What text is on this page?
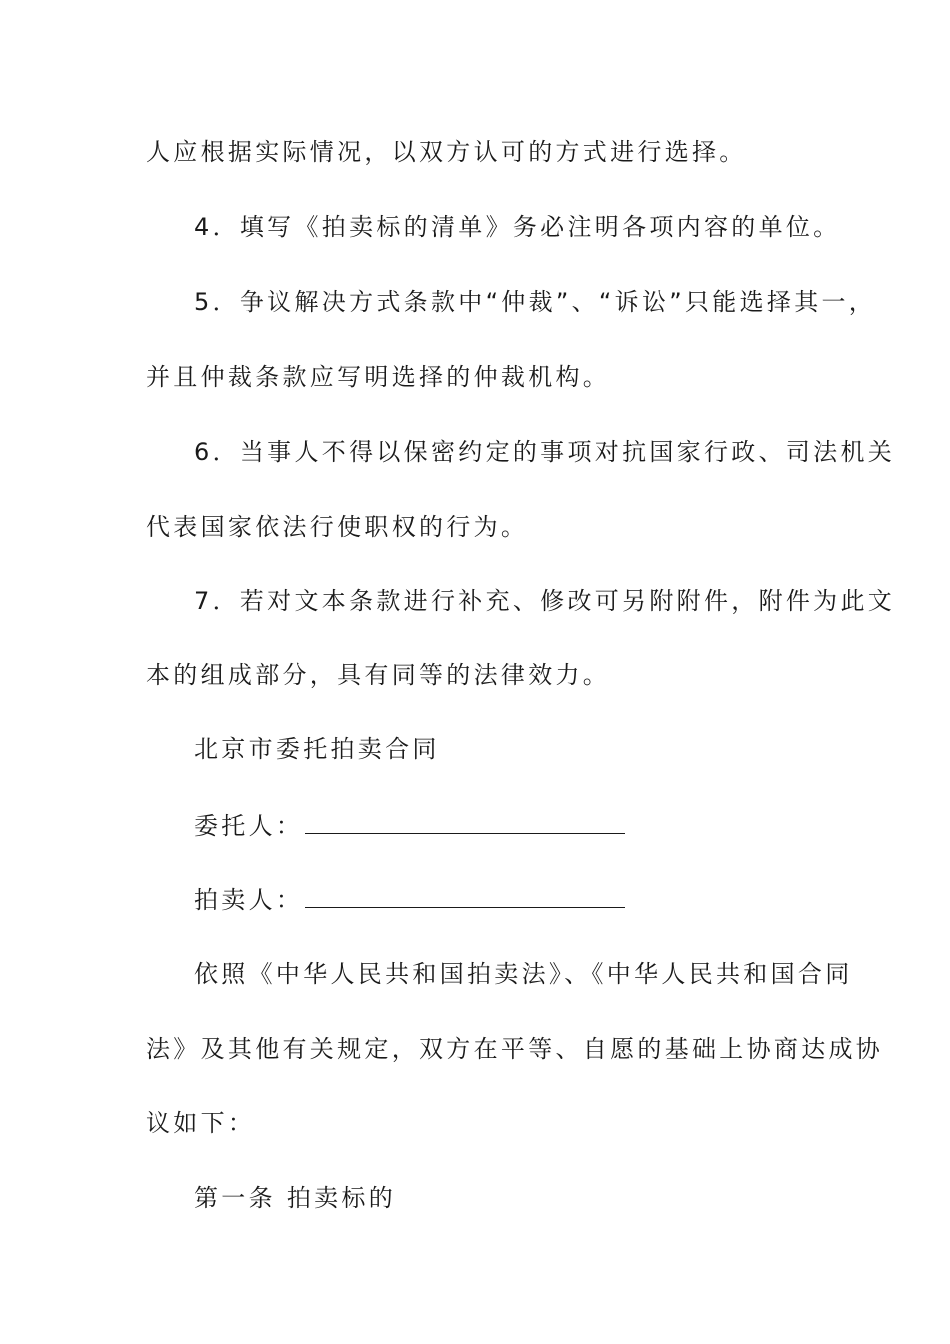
人应根据实际情况，以双方认可的方式进行选择。
4．填写《拍卖标的清单》务必注明各项内容的单位。
5．争议解决方式条款中“仲裁”、“诉讼”只能选择其一，
并且仲裁条款应写明选择的仲裁机构。
6．当事人不得以保密约定的事项对抗国家行政、司法机关
代表国家依法行使职权的行为。
7．若对文本条款进行补充、修改可另附附件，附件为此文
本的组成部分，具有同等的法律效力。
北京市委托拍卖合同
委托人：
拍卖人：
依照《中华人民共和国拍卖法》、《中华人民共和国合同
法》及其他有关规定，双方在平等、自愿的基础上协商达成协
议如下：
第一条 拍卖标的
